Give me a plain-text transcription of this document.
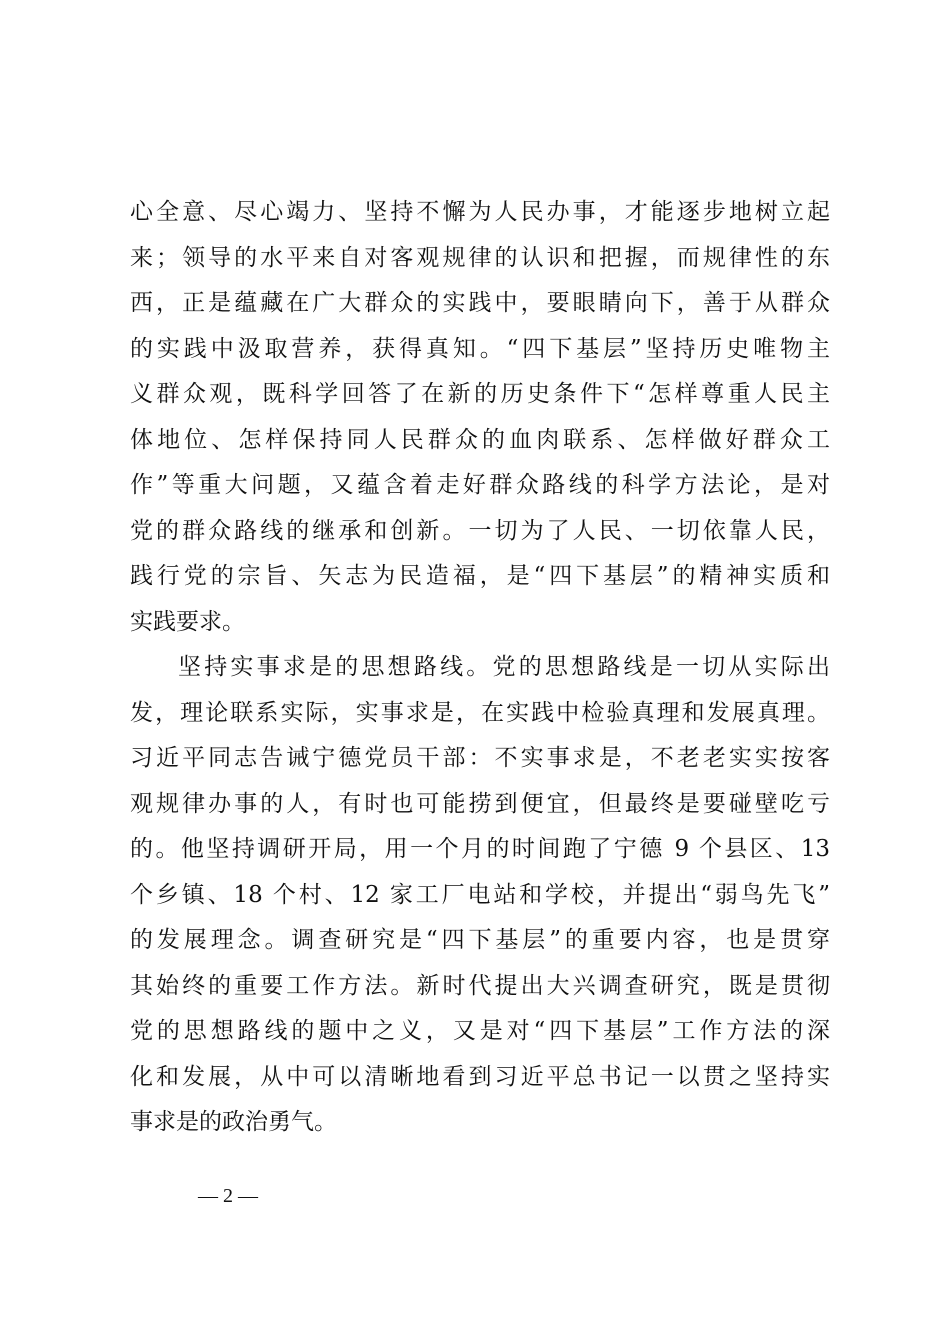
心全意、尽心竭力、坚持不懈为人民办事，才能逐步地树立起
来；领导的水平来自对客观规律的认识和把握，而规律性的东
西，正是蕴藏在广大群众的实践中，要眼睛向下，善于从群众
的实践中汲取营养，获得真知。“四下基层”坚持历史唯物主
义群众观，既科学回答了在新的历史条件下“怎样尊重人民主
体地位、怎样保持同人民群众的血肉联系、怎样做好群众工
作”等重大问题，又蕴含着走好群众路线的科学方法论，是对
党的群众路线的继承和创新。一切为了人民、一切依靠人民，
践行党的宗旨、矢志为民造福，是“四下基层”的精神实质和
实践要求。
坚持实事求是的思想路线。党的思想路线是一切从实际出
发，理论联系实际，实事求是，在实践中检验真理和发展真理。
习近平同志告诫宁德党员干部：不实事求是，不老老实实按客
观规律办事的人，有时也可能捞到便宜，但最终是要碰壁吃亏
的。他坚持调研开局，用一个月的时间跑了宁德 9 个县区、13
个乡镇、18 个村、12 家工厂电站和学校，并提出“弱鸟先飞”
的发展理念。调查研究是“四下基层”的重要内容，也是贯穿
其始终的重要工作方法。新时代提出大兴调查研究，既是贯彻
党的思想路线的题中之义，又是对“四下基层”工作方法的深
化和发展，从中可以清晰地看到习近平总书记一以贯之坚持实
事求是的政治勇气。
— 2 —
